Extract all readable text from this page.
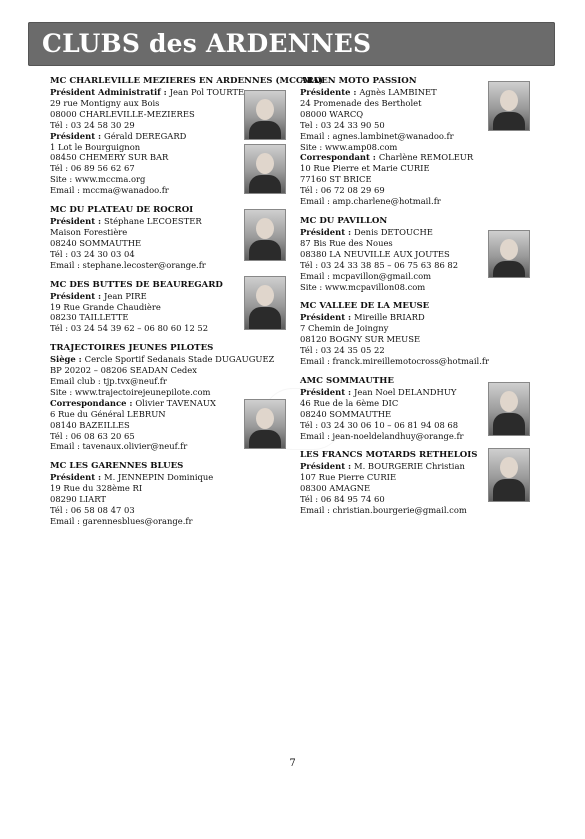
CLUBS des ARDENNES
MC CHARLEVILLE MEZIERES EN ARDENNES (MCCMA)
Président Administratif : Jean Pol TOURTE
29 rue Montigny aux Bois
08000 CHARLEVILLE-MEZIERES
Tél : 03 24 58 30 29
Président : Gérald DEREGARD
1 Lot le Bourguignon
08450 CHEMERY SUR BAR
Tél : 06 89 56 62 67
Site : www.mccma.org
Email : mccma@wanadoo.fr
MC DU PLATEAU DE ROCROI
Président : Stéphane LECOESTER
Maison Forestière
08240 SOMMAUTHE
Tél : 03 24 30 03 04
Email : stephane.lecoster@orange.fr
MC DES BUTTES DE BEAUREGARD
Président : Jean PIRE
19 Rue Grande Chaudière
08230 TAILLETTE
Tél : 03 24 54 39 62 – 06 80 60 12 52
TRAJECTOIRES JEUNES PILOTES
Siège : Cercle Sportif Sedanais Stade DUGAUGUEZ
BP 20202 – 08206 SEADAN Cedex
Email club : tjp.tvx@neuf.fr
Site : www.trajectoirejeunepilote.com
Correspondance : Olivier TAVENAUX
6 Rue du Général LEBRUN
08140 BAZEILLES
Tél : 06 08 63 20 65
Email : tavenaux.olivier@neuf.fr
MC LES GARENNES BLUES
Président : M. JENNEPIN Dominique
19 Rue du 328ème RI
08290 LIART
Tél : 06 58 08 47 03
Email : garennesblues@orange.fr
ARDEN MOTO PASSION
Présidente : Agnès LAMBINET
24 Promenade des Bertholet
08000 WARCQ
Tel : 03 24 33 90 50
Email : agnes.lambinet@wanadoo.fr
Site : www.amp08.com
Correspondant : Charlène REMOLEUR
10 Rue Pierre et Marie CURIE
77160 ST BRICE
Tél : 06 72 08 29 69
Email : amp.charlene@hotmail.fr
MC DU PAVILLON
Président : Denis DETOUCHE
87 Bis Rue des Noues
08380 LA NEUVILLE AUX JOUTES
Tél : 03 24 33 38 85 – 06 75 63 86 82
Email : mcpavillon@gmail.com
Site : www.mcpavillon08.com
MC VALLEE DE LA MEUSE
Président : Mireille BRIARD
7 Chemin de Joingny
08120 BOGNY SUR MEUSE
Tél : 03 24 35 05 22
Email : franck.mireillemotocross@hotmail.fr
AMC SOMMAUTHE
Président : Jean Noel DELANDHUY
46 Rue de la 6ème DIC
08240 SOMMAUTHE
Tél : 03 24 30 06 10 – 06 81 94 08 68
Email : jean-noeldelandhuy@orange.fr
LES FRANCS MOTARDS RETHELOIS
Président : M. BOURGERIE Christian
107 Rue Pierre CURIE
08300 AMAGNE
Tél : 06 84 95 74 60
Email : christian.bourgerie@gmail.com
7
